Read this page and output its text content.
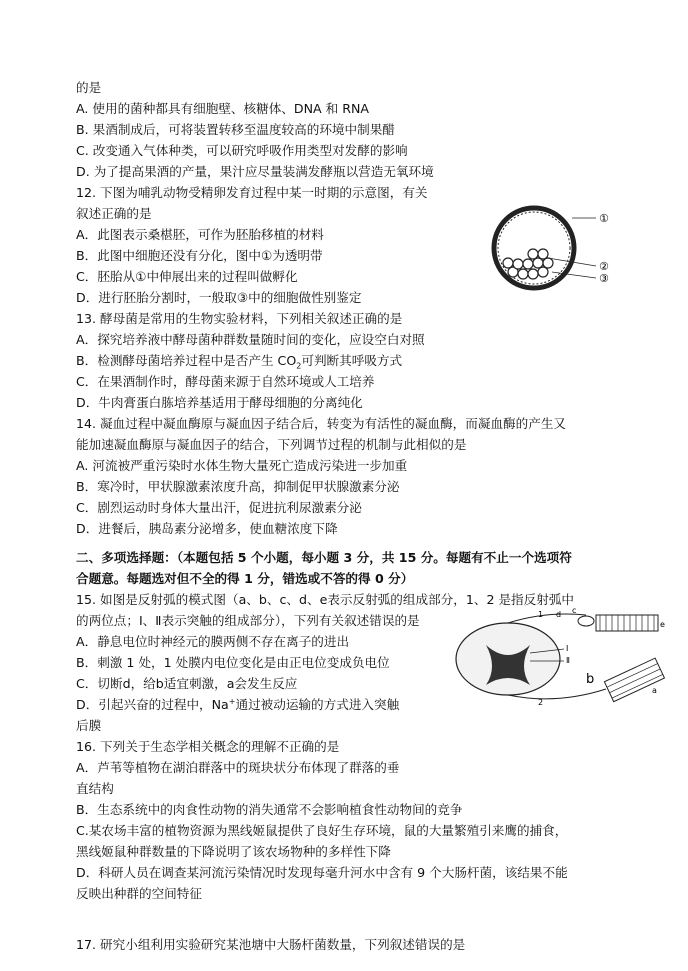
的是
A. 使用的菌种都具有细胞壁、核糖体、DNA 和 RNA
B. 果酒制成后，可将装置转移至温度较高的环境中制果醋
C. 改变通入气体种类，可以研究呼吸作用类型对发酵的影响
D. 为了提高果酒的产量，果汁应尽量装满发酵瓶以营造无氧环境
12. 下图为哺乳动物受精卵发育过程中某一时期的示意图，有关
叙述正确的是
A．此图表示桑椹胚，可作为胚胎移植的材料
B．此图中细胞还没有分化，图中①为透明带
C．胚胎从①中伸展出来的过程叫做孵化
D．进行胚胎分割时，一般取③中的细胞做性别鉴定
13. 酵母菌是常用的生物实验材料，下列相关叙述正确的是
A．探究培养液中酵母菌种群数量随时间的变化，应设空白对照
B．检测酵母菌培养过程中是否产生 $CO_2$可判断其呼吸方式
C．在果酒制作时，酵母菌来源于自然环境或人工培养
D．牛肉膏蛋白胨培养基适用于酵母细胞的分离纯化
14. 凝血过程中凝血酶原与凝血因子结合后，转变为有活性的凝血酶，而凝血酶的产生又
能加速凝血酶原与凝血因子的结合，下列调节过程的机制与此相似的是
A. 河流被严重污染时水体生物大量死亡造成污染进一步加重
B．寒冷时，甲状腺激素浓度升高，抑制促甲状腺激素分泌
C．剧烈运动时身体大量出汗，促进抗利尿激素分泌
D．进餐后，胰岛素分泌增多，使血糖浓度下降
二、多项选择题：（本题包括 5 个小题，每小题 3 分，共 15 分。每题有不止一个选项符
合题意。每题选对但不全的得 1 分，错选或不答的得 0 分）
15. 如图是反射弧的模式图（a、b、c、d、e表示反射弧的组成部分，1、2 是指反射弧中
的两位点；Ⅰ、Ⅱ表示突触的组成部分），下列有关叙述错误的是
A．静息电位时神经元的膜两侧不存在离子的进出
B．刺激 1 处，1 处膜内电位变化是由正电位变成负电位
C．切断d，给b适宜刺激，a会发生反应
D．引起兴奋的过程中，Na+通过被动运输的方式进入突触
后膜
16. 下列关于生态学相关概念的理解不正确的是
A．芦苇等植物在湖泊群落中的斑块状分布体现了群落的垂
直结构
B．生态系统中的肉食性动物的消失通常不会影响植食性动物间的竞争
C.某农场丰富的植物资源为黑线姬鼠提供了良好生存环境，鼠的大量繁殖引来鹰的捕食，
黑线姬鼠种群数量的下降说明了该农场物种的多样性下降
D．科研人员在调查某河流污染情况时发现每毫升河水中含有 9 个大肠杆菌，该结果不能
反映出种群的空间特征
17. 研究小组利用实验研究某池塘中大肠杆菌数量，下列叙述错误的是
①
②
③
1 d c
e
Ⅰ
Ⅱ
b
a
2
